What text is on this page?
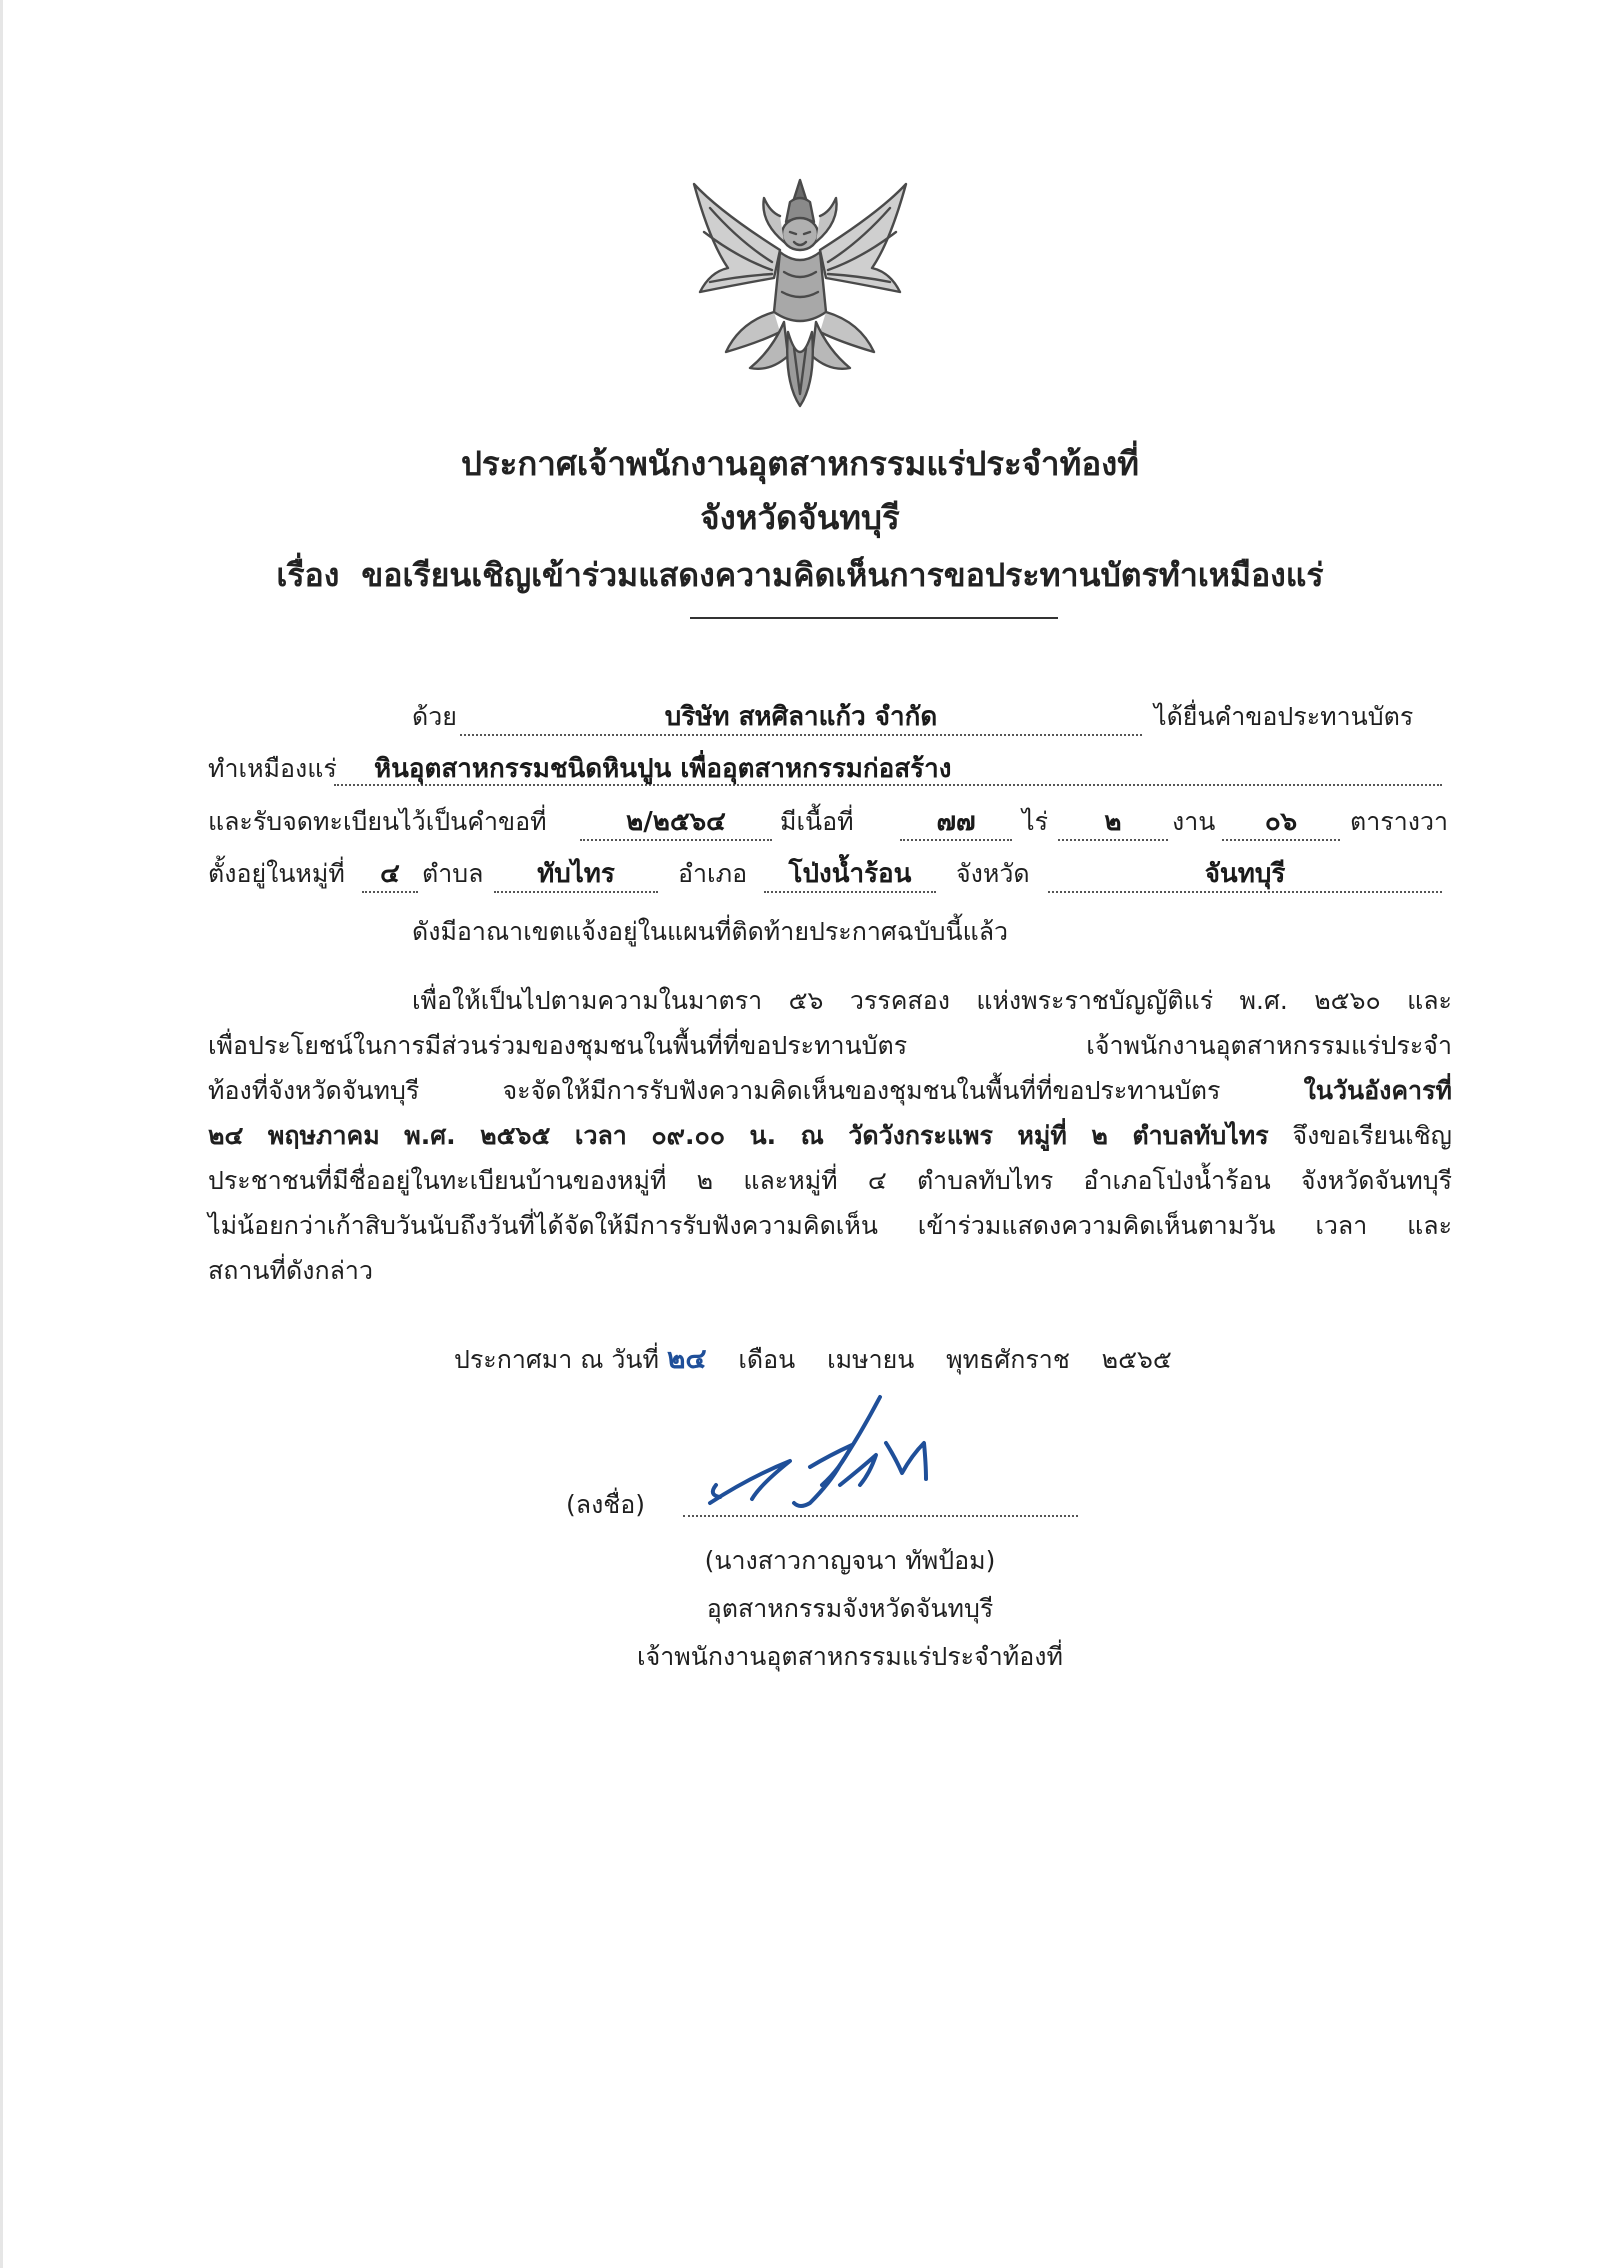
ประกาศเจ้าพนักงานอุตสาหกรรมแร่ประจำท้องที่
จังหวัดจันทบุรี
เรื่อง ขอเรียนเชิญเข้าร่วมแสดงความคิดเห็นการขอประทานบัตรทำเหมืองแร่
ด้วย	บริษัท สหศิลาแก้ว จำกัด	ได้ยื่นคำขอประทานบัตร
ทำเหมืองแร่	หินอุตสาหกรรมชนิดหินปูน เพื่ออุตสาหกรรมก่อสร้าง
และรับจดทะเบียนไว้เป็นคำขอที่	๒/๒๕๖๔	มีเนื้อที่	๗๗	ไร่	๒	งาน	๐๖	ตารางวา
ตั้งอยู่ในหมู่ที่	๔ ตำบล	ทับไทร	อำเภอ	โป่งน้ำร้อน	จังหวัด	จันทบุรี
ดังมีอาณาเขตแจ้งอยู่ในแผนที่ติดท้ายประกาศฉบับนี้แล้ว
เพื่อให้เป็นไปตามความในมาตรา ๕๖ วรรคสอง แห่งพระราชบัญญัติแร่ พ.ศ. ๒๕๖๐ และ
เพื่อประโยชน์ในการมีส่วนร่วมของชุมชนในพื้นที่ที่ขอประทานบัตร เจ้าพนักงานอุตสาหกรรมแร่ประจำ
ท้องที่จังหวัดจันทบุรี จะจัดให้มีการรับฟังความคิดเห็นของชุมชนในพื้นที่ที่ขอประทานบัตร	ในวันอังคารที่
๒๔ พฤษภาคม พ.ศ. ๒๕๖๕ เวลา ๐๙.๐๐ น. ณ วัดวังกระแพร หมู่ที่ ๒ ตำบลทับไทร จึงขอเรียนเชิญ
ประชาชนที่มีชื่ออยู่ในทะเบียนบ้านของหมู่ที่ ๒ และหมู่ที่ ๔ ตำบลทับไทร อำเภอโป่งน้ำร้อน จังหวัดจันทบุรี
ไม่น้อยกว่าเก้าสิบวันนับถึงวันที่ได้จัดให้มีการรับฟังความคิดเห็น เข้าร่วมแสดงความคิดเห็นตามวัน เวลา และ
สถานที่ดังกล่าว
ประกาศมา ณ วันที่ ๒๔ เดือน เมษายน พุทธศักราช ๒๕๖๕
(ลงชื่อ)
(นางสาวกาญจนา ทัพป้อม)
อุตสาหกรรมจังหวัดจันทบุรี
เจ้าพนักงานอุตสาหกรรมแร่ประจำท้องที่
